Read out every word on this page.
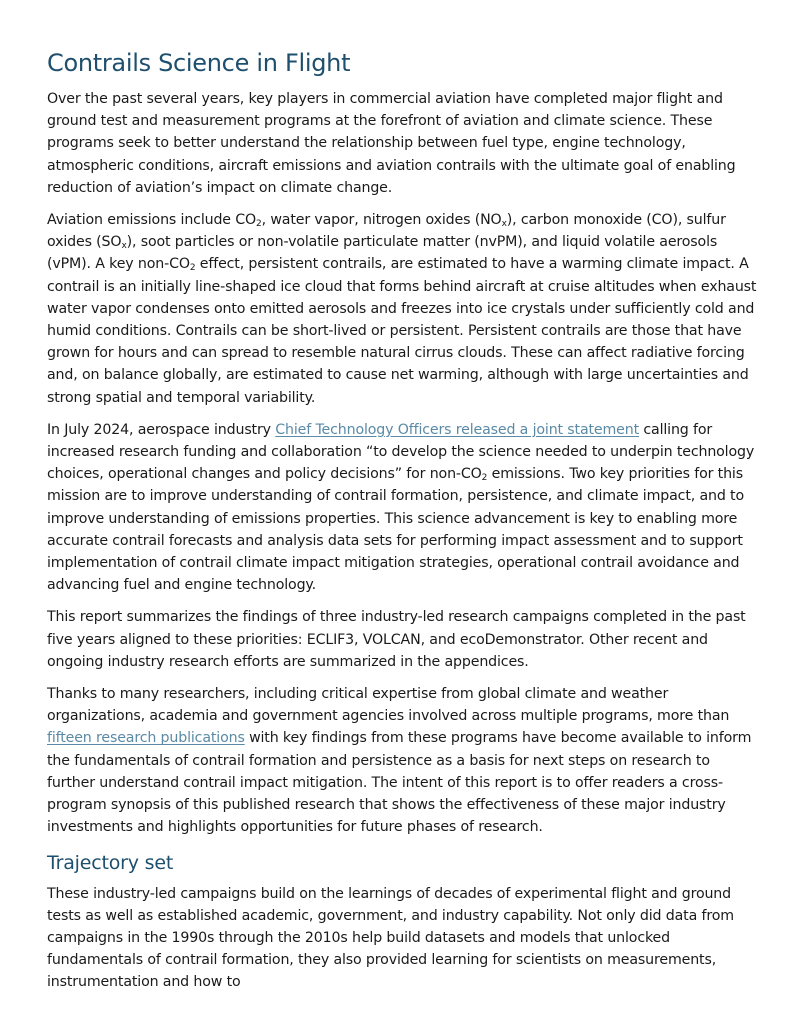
Contrails Science in Flight

Over the past several years, key players in commercial aviation have completed major flight and ground test and measurement programs at the forefront of aviation and climate science. These programs seek to better understand the relationship between fuel type, engine technology, atmospheric conditions, aircraft emissions and aviation contrails with the ultimate goal of enabling reduction of aviation’s impact on climate change.

Aviation emissions include $CO_2$, water vapor, nitrogen oxides $(NO_x)$, carbon monoxide (CO), sulfur oxides $(SO_x)$, soot particles or non-volatile particulate matter (nvPM), and liquid volatile aerosols (vPM). A key non-$CO_2$ effect, persistent contrails, are estimated to have a warming climate impact. A contrail is an initially line-shaped ice cloud that forms behind aircraft at cruise altitudes when exhaust water vapor condenses onto emitted aerosols and freezes into ice crystals under sufficiently cold and humid conditions. Contrails can be short-lived or persistent. Persistent contrails are those that have grown for hours and can spread to resemble natural cirrus clouds. These can affect radiative forcing and, on balance globally, are estimated to cause net warming, although with large uncertainties and strong spatial and temporal variability.

In July 2024, aerospace industry Chief Technology Officers released a joint statement calling for increased research funding and collaboration “to develop the science needed to underpin technology choices, operational changes and policy decisions” for non-$CO_2$ emissions. Two key priorities for this mission are to improve understanding of contrail formation, persistence, and climate impact, and to improve understanding of emissions properties. This science advancement is key to enabling more accurate contrail forecasts and analysis data sets for performing impact assessment and to support implementation of contrail climate impact mitigation strategies, operational contrail avoidance and advancing fuel and engine technology.

This report summarizes the findings of three industry-led research campaigns completed in the past five years aligned to these priorities: ECLIF3, VOLCAN, and ecoDemonstrator. Other recent and ongoing industry research efforts are summarized in the appendices.

Thanks to many researchers, including critical expertise from global climate and weather organizations, academia and government agencies involved across multiple programs, more than fifteen research publications with key findings from these programs have become available to inform the fundamentals of contrail formation and persistence as a basis for next steps on research to further understand contrail impact mitigation. The intent of this report is to offer readers a cross-program synopsis of this published research that shows the effectiveness of these major industry investments and highlights opportunities for future phases of research.

Trajectory set

These industry-led campaigns build on the learnings of decades of experimental flight and ground tests as well as established academic, government, and industry capability. Not only did data from campaigns in the 1990s through the 2010s help build datasets and models that unlocked fundamentals of contrail formation, they also provided learning for scientists on measurements, instrumentation and how to
